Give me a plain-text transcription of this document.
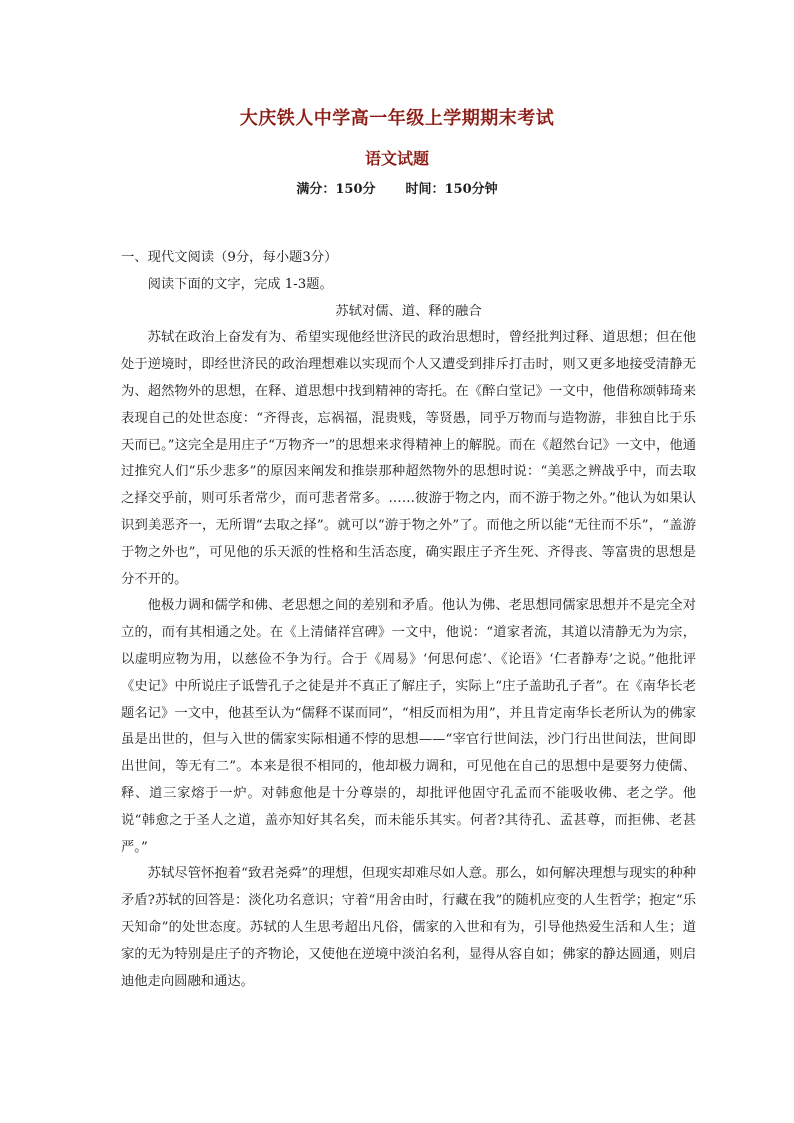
大庆铁人中学高一年级上学期期末考试
语文试题
满分：150分 时间：150分钟

一、现代文阅读（9分，每小题3分）

阅读下面的文字，完成 1-3题。

苏轼对儒、道、释的融合

苏轼在政治上奋发有为、希望实现他经世济民的政治思想时，曾经批判过释、道思想；但在他处于逆境时，即经世济民的政治理想难以实现而个人又遭受到排斥打击时，则又更多地接受清静无为、超然物外的思想，在释、道思想中找到精神的寄托。在《醉白堂记》一文中，他借称颂韩琦来表现自己的处世态度：“齐得丧，忘祸福，混贵贱，等贤愚，同乎万物而与造物游，非独自比于乐天而已。”这完全是用庄子“万物齐一”的思想来求得精神上的解脱。而在《超然台记》一文中，他通过推究人们“乐少悲多”的原因来阐发和推崇那种超然物外的思想时说：“美恶之辨战乎中，而去取之择交乎前，则可乐者常少，而可悲者常多。……彼游于物之内，而不游于物之外。”他认为如果认识到美恶齐一，无所谓“去取之择”。就可以“游于物之外”了。而他之所以能“无往而不乐”，“盖游于物之外也”，可见他的乐天派的性格和生活态度，确实跟庄子齐生死、齐得丧、等富贵的思想是分不开的。

他极力调和儒学和佛、老思想之间的差别和矛盾。他认为佛、老思想同儒家思想并不是完全对立的，而有其相通之处。在《上清储祥宫碑》一文中，他说：“道家者流，其道以清静无为为宗，以虚明应物为用，以慈俭不争为行。合于《周易》‘何思何虑’、《论语》‘仁者静寿’之说。”他批评《史记》中所说庄子诋訾孔子之徒是并不真正了解庄子，实际上“庄子盖助孔子者”。在《南华长老题名记》一文中，他甚至认为“儒释不谋而同”，“相反而相为用”，并且肯定南华长老所认为的佛家虽是出世的，但与入世的儒家实际相通不悖的思想——“宰官行世间法，沙门行出世间法，世间即出世间，等无有二”。本来是很不相同的，他却极力调和，可见他在自己的思想中是要努力使儒、释、道三家熔于一炉。对韩愈他是十分尊崇的，却批评他固守孔孟而不能吸收佛、老之学。他说“韩愈之于圣人之道，盖亦知好其名矣，而未能乐其实。何者?其待孔、孟甚尊，而拒佛、老甚严。”

苏轼尽管怀抱着“致君尧舜”的理想，但现实却难尽如人意。那么，如何解决理想与现实的种种矛盾?苏轼的回答是：淡化功名意识；守着“用舍由时，行藏在我”的随机应变的人生哲学；抱定“乐天知命”的处世态度。苏轼的人生思考超出凡俗，儒家的入世和有为，引导他热爱生活和人生；道家的无为特别是庄子的齐物论，又使他在逆境中淡泊名利，显得从容自如；佛家的静达圆通，则启迪他走向圆融和通达。
